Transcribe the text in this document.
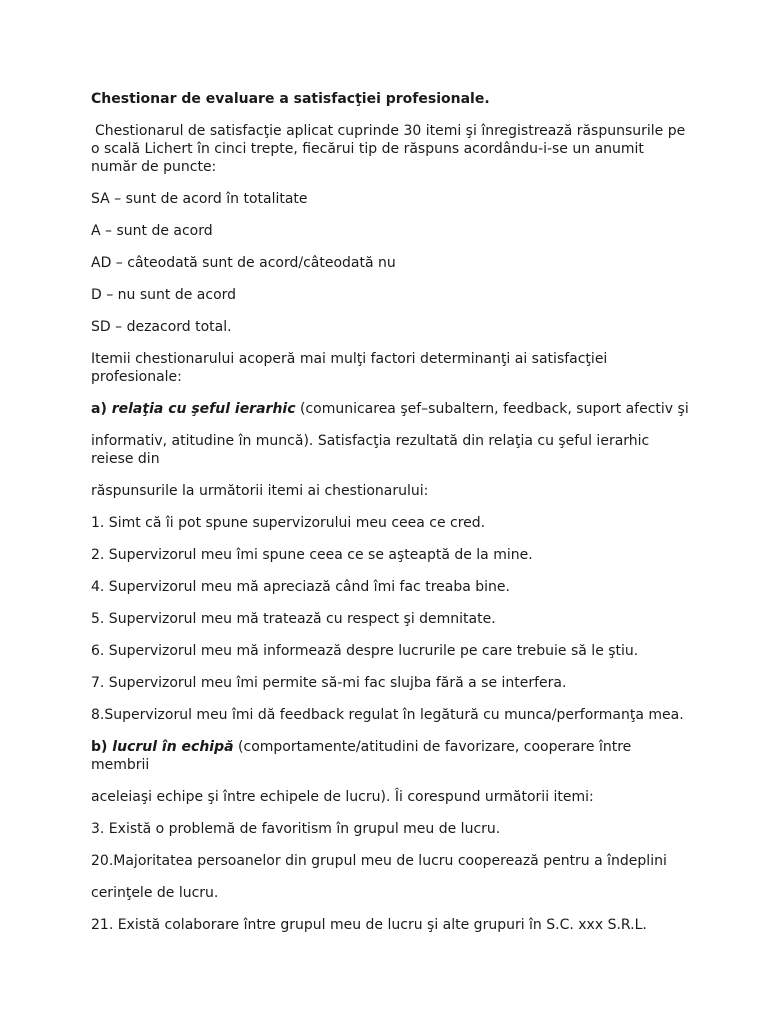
Chestionar de evaluare a satisfacţiei profesionale.
Chestionarul de satisfacţie aplicat cuprinde 30 itemi şi înregistrează răspunsurile pe o scală Lichert în cinci trepte, fiecărui tip de răspuns acordându-i-se un anumit număr de puncte:
SA – sunt de acord în totalitate
A – sunt de acord
AD – câteodată sunt de acord/câteodată nu
D – nu sunt de acord
SD – dezacord total.
Itemii chestionarului acoperă mai mulţi factori determinanţi ai satisfacţiei profesionale:
a) relaţia cu şeful ierarhic (comunicarea şef–subaltern, feedback, suport afectiv şi
informativ, atitudine în muncă). Satisfacţia rezultată din relaţia cu şeful ierarhic reiese din
răspunsurile la următorii itemi ai chestionarului:
1. Simt că îi pot spune supervizorului meu ceea ce cred.
2. Supervizorul meu îmi spune ceea ce se aşteaptă de la mine.
4. Supervizorul meu mă apreciază când îmi fac treaba bine.
5. Supervizorul meu mă tratează cu respect şi demnitate.
6. Supervizorul meu mă informează despre lucrurile pe care trebuie să le ştiu.
7. Supervizorul meu îmi permite să-mi fac slujba fără a se interfera.
8.Supervizorul meu îmi dă feedback regulat în legătură cu munca/performanţa mea.
b) lucrul în echipă (comportamente/atitudini de favorizare, cooperare între membrii
aceleiaşi echipe şi între echipele de lucru). Îi corespund următorii itemi:
3. Există o problemă de favoritism în grupul meu de lucru.
20.Majoritatea persoanelor din grupul meu de lucru cooperează pentru a îndeplini
cerinţele de lucru.
21. Există colaborare între grupul meu de lucru şi alte grupuri în S.C. xxx S.R.L.
